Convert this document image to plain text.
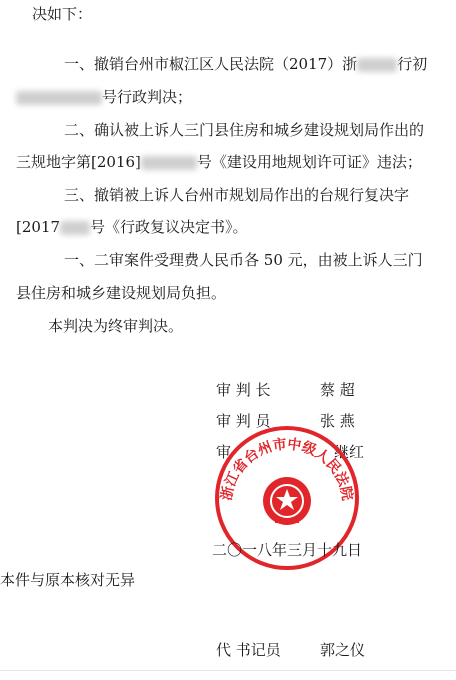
决如下：
一、撤销台州市椒江区人民法院（2017）浙	行初
号行政判决；
二、确认被上诉人三门县住房和城乡建设规划局作出的
三规地字第[2016]	号《建设用地规划许可证》违法；
三、撤销被上诉人台州市规划局作出的台规行复决字
[2017 号《行政复议决定书》。
一、二审案件受理费人民币各 50 元，由被上诉人三门
县住房和城乡建设规划局负担。
本判决为终审判决。
审 判 长	蔡 超
审 判 员	张 燕
审	继红
浙江省台州市中级人民法院
二〇一八年三月十九日
本件与原本核对无异
代 书记员	郭之仪
